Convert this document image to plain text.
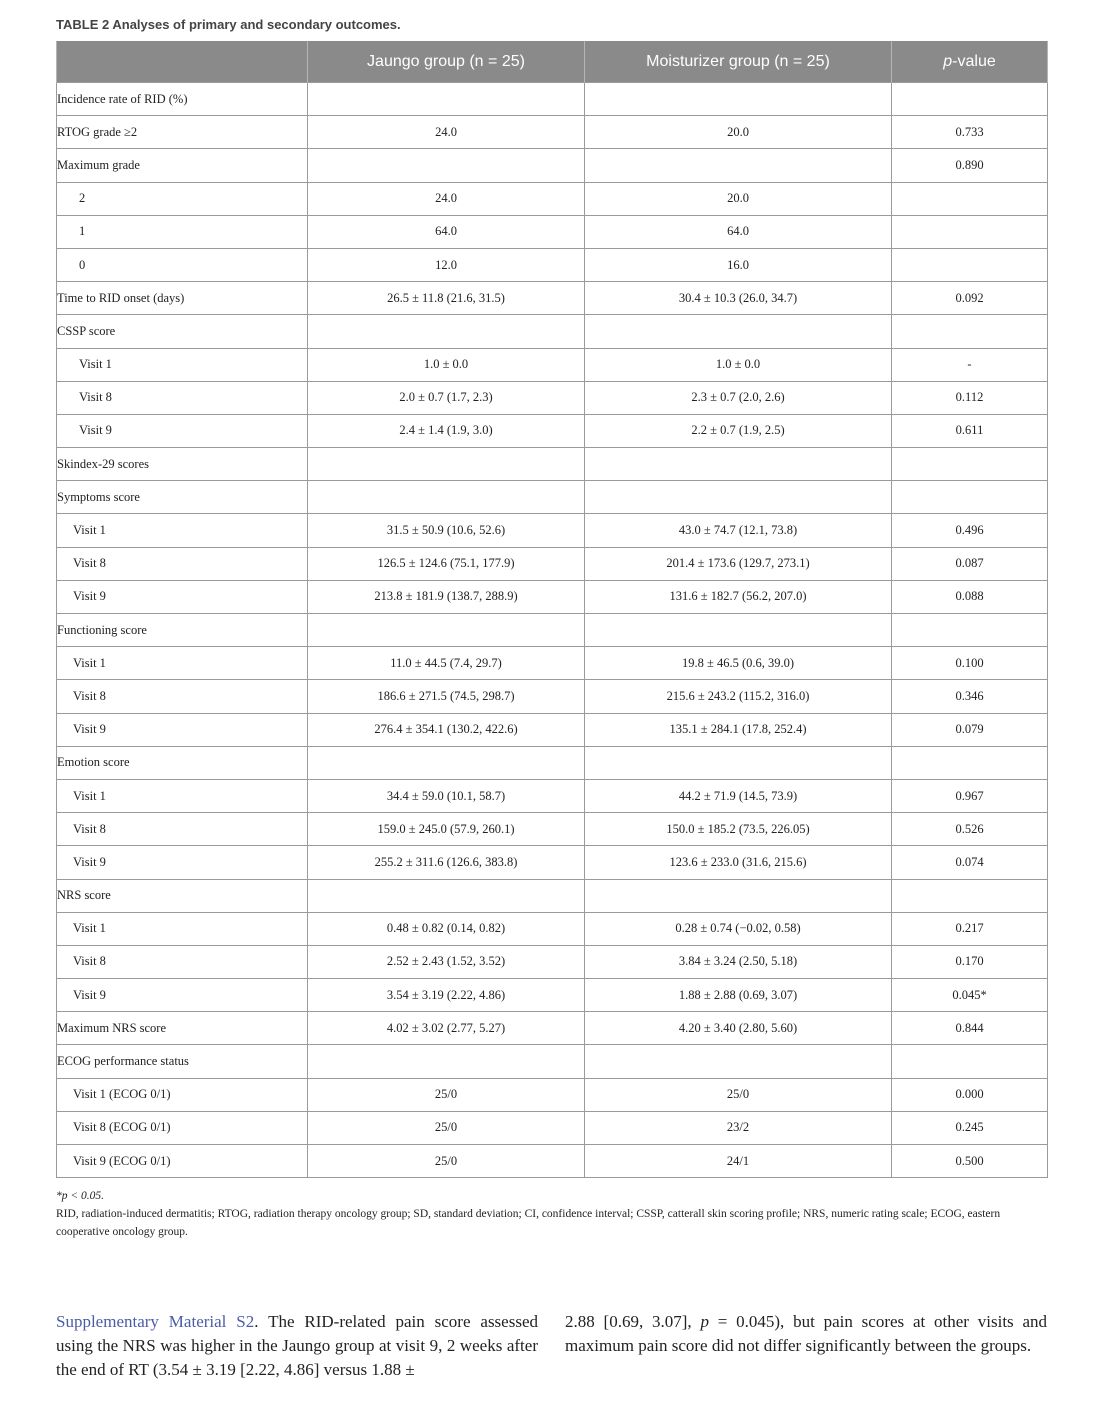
TABLE 2 Analyses of primary and secondary outcomes.
	Jaungo group (n = 25)	Moisturizer group (n = 25)	p-value
Incidence rate of RID (%)			
RTOG grade ≥2	24.0	20.0	0.733
Maximum grade			0.890
2	24.0	20.0	
1	64.0	64.0	
0	12.0	16.0	
Time to RID onset (days)	26.5 ± 11.8 (21.6, 31.5)	30.4 ± 10.3 (26.0, 34.7)	0.092
CSSP score			
Visit 1	1.0 ± 0.0	1.0 ± 0.0	-
Visit 8	2.0 ± 0.7 (1.7, 2.3)	2.3 ± 0.7 (2.0, 2.6)	0.112
Visit 9	2.4 ± 1.4 (1.9, 3.0)	2.2 ± 0.7 (1.9, 2.5)	0.611
Skindex-29 scores			
Symptoms score			
Visit 1	31.5 ± 50.9 (10.6, 52.6)	43.0 ± 74.7 (12.1, 73.8)	0.496
Visit 8	126.5 ± 124.6 (75.1, 177.9)	201.4 ± 173.6 (129.7, 273.1)	0.087
Visit 9	213.8 ± 181.9 (138.7, 288.9)	131.6 ± 182.7 (56.2, 207.0)	0.088
Functioning score			
Visit 1	11.0 ± 44.5 (7.4, 29.7)	19.8 ± 46.5 (0.6, 39.0)	0.100
Visit 8	186.6 ± 271.5 (74.5, 298.7)	215.6 ± 243.2 (115.2, 316.0)	0.346
Visit 9	276.4 ± 354.1 (130.2, 422.6)	135.1 ± 284.1 (17.8, 252.4)	0.079
Emotion score			
Visit 1	34.4 ± 59.0 (10.1, 58.7)	44.2 ± 71.9 (14.5, 73.9)	0.967
Visit 8	159.0 ± 245.0 (57.9, 260.1)	150.0 ± 185.2 (73.5, 226.05)	0.526
Visit 9	255.2 ± 311.6 (126.6, 383.8)	123.6 ± 233.0 (31.6, 215.6)	0.074
NRS score			
Visit 1	0.48 ± 0.82 (0.14, 0.82)	0.28 ± 0.74 (−0.02, 0.58)	0.217
Visit 8	2.52 ± 2.43 (1.52, 3.52)	3.84 ± 3.24 (2.50, 5.18)	0.170
Visit 9	3.54 ± 3.19 (2.22, 4.86)	1.88 ± 2.88 (0.69, 3.07)	0.045*
Maximum NRS score	4.02 ± 3.02 (2.77, 5.27)	4.20 ± 3.40 (2.80, 5.60)	0.844
ECOG performance status			
Visit 1 (ECOG 0/1)	25/0	25/0	0.000
Visit 8 (ECOG 0/1)	25/0	23/2	0.245
Visit 9 (ECOG 0/1)	25/0	24/1	0.500
*p < 0.05.
RID, radiation-induced dermatitis; RTOG, radiation therapy oncology group; SD, standard deviation; CI, confidence interval; CSSP, catterall skin scoring profile; NRS, numeric rating scale; ECOG, eastern cooperative oncology group.
Supplementary Material S2. The RID-related pain score assessed using the NRS was higher in the Jaungo group at visit 9, 2 weeks after the end of RT (3.54 ± 3.19 [2.22, 4.86] versus 1.88 ±
2.88 [0.69, 3.07], p = 0.045), but pain scores at other visits and maximum pain score did not differ significantly between the groups.
